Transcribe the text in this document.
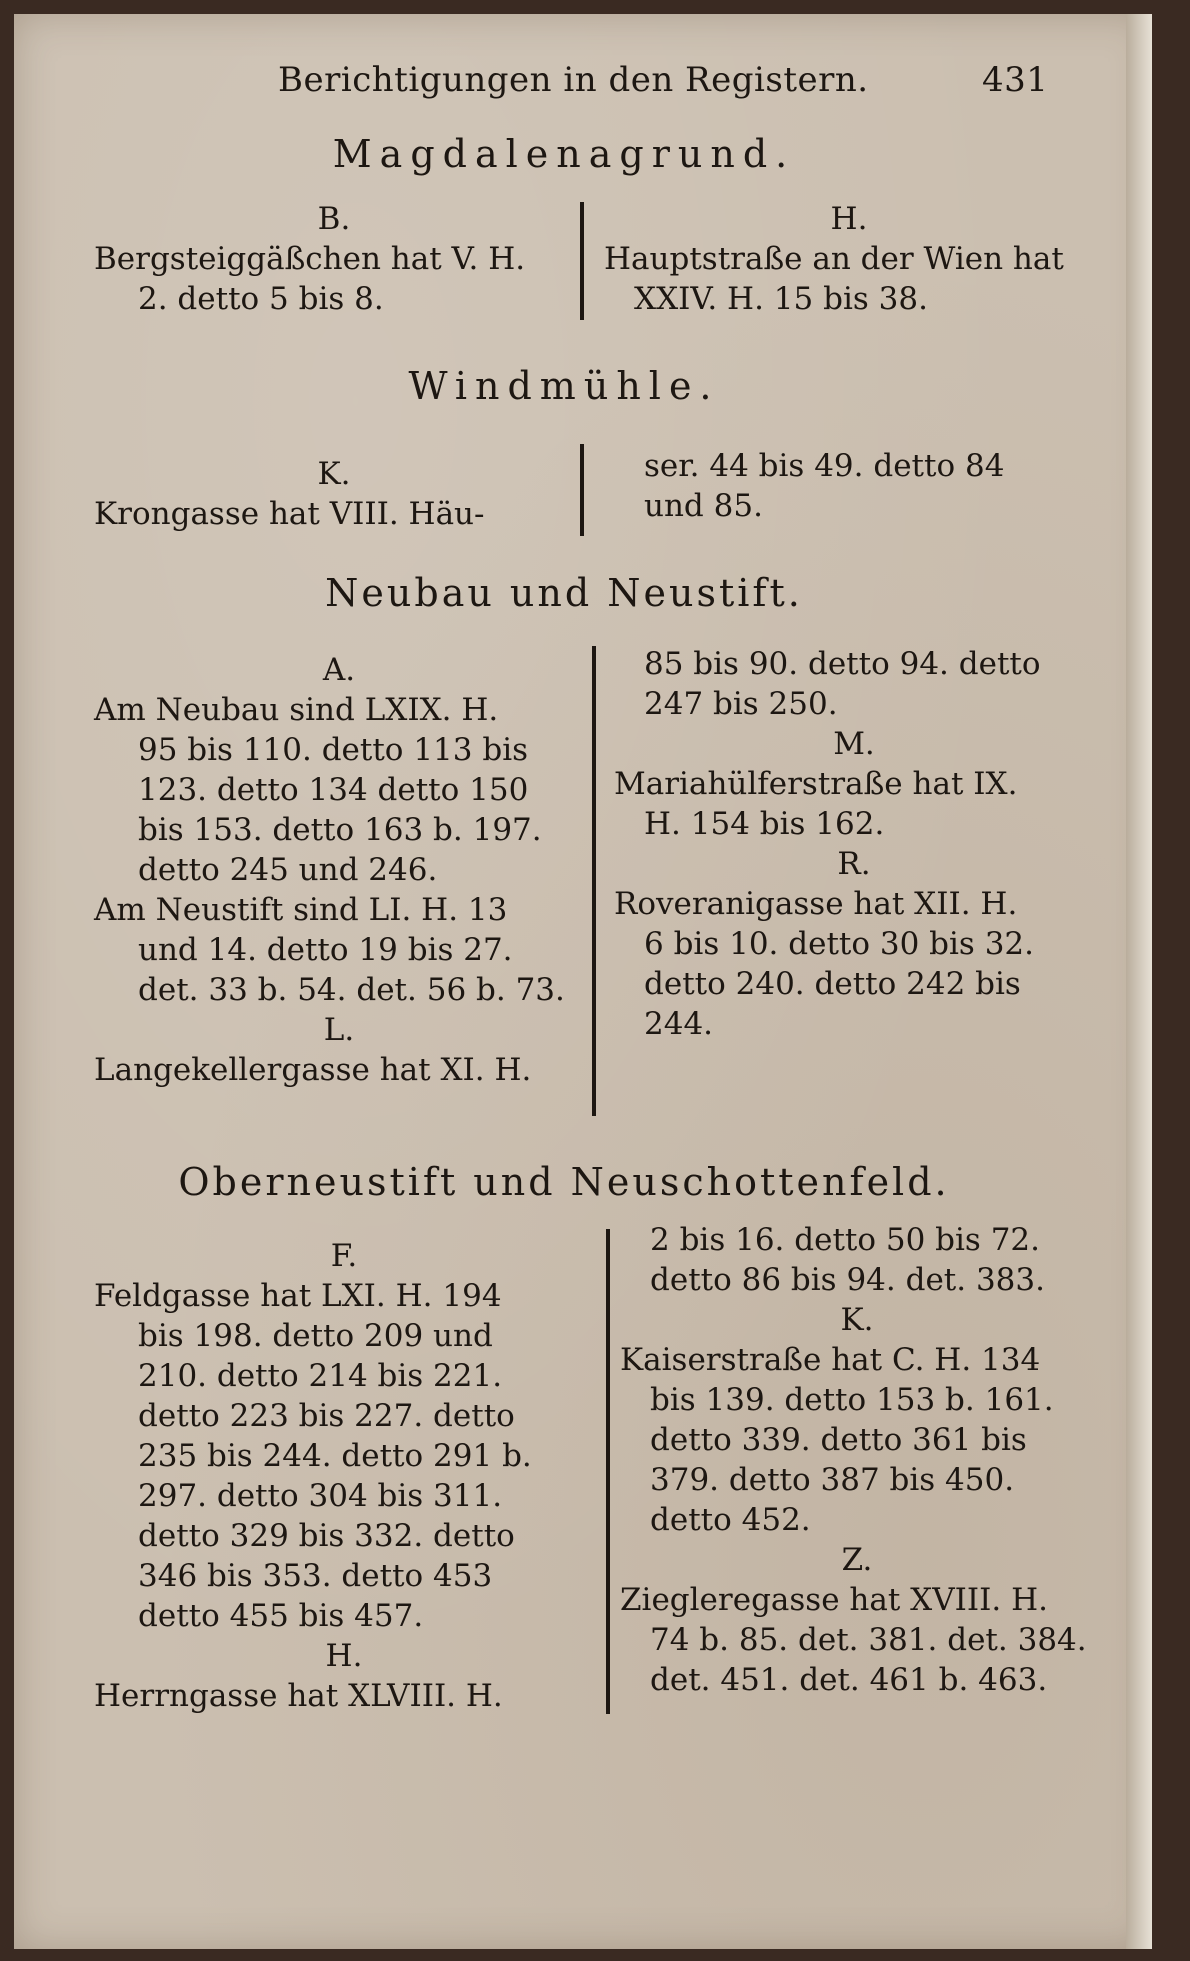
Berichtigungen in den Registern.	431
Magdalenagrund.

B.

Bergsteiggäßchen hat V. H.

2. detto 5 bis 8.

H.

Hauptstraße an der Wien hat

XXIV. H. 15 bis 38.

Windmühle.

K.

Krongasse hat VIII. Häu-

ser. 44 bis 49. detto 84

und 85.

Neubau und Neustift.

A.

Am Neubau sind LXIX. H.

95 bis 110. detto 113 bis

123. detto 134 detto 150

bis 153. detto 163 b. 197.

detto 245 und 246.

Am Neustift sind LI. H. 13

und 14. detto 19 bis 27.

det. 33 b. 54. det. 56 b. 73.

L.

Langekellergasse hat XI. H.

85 bis 90. detto 94. detto

247 bis 250.

M.

Mariahülferstraße hat IX.

H. 154 bis 162.

R.

Roveranigasse hat XII. H.

6 bis 10. detto 30 bis 32.

detto 240. detto 242 bis

244.

Oberneustift und Neuschottenfeld.

F.

Feldgasse hat LXI. H. 194

bis 198. detto 209 und

210. detto 214 bis 221.

detto 223 bis 227. detto

235 bis 244. detto 291 b.

297. detto 304 bis 311.

detto 329 bis 332. detto

346 bis 353. detto 453

detto 455 bis 457.

H.

Herrngasse hat XLVIII. H.

2 bis 16. detto 50 bis 72.

detto 86 bis 94. det. 383.

K.

Kaiserstraße hat C. H. 134

bis 139. detto 153 b. 161.

detto 339. detto 361 bis

379. detto 387 bis 450.

detto 452.

Z.

Ziegleregasse hat XVIII. H.

74 b. 85. det. 381. det. 384.

det. 451. det. 461 b. 463.
